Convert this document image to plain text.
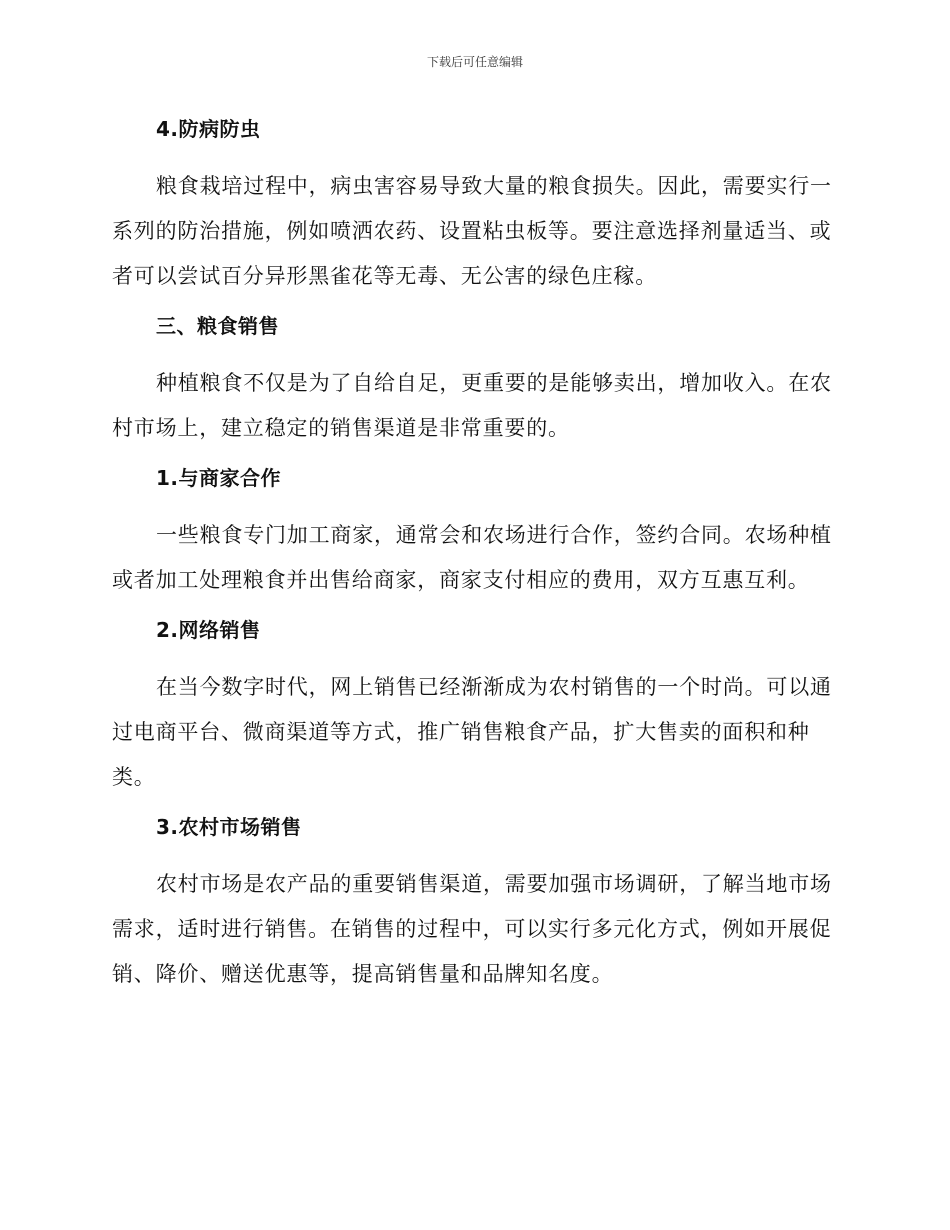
下载后可任意编辑
4.防病防虫

粮食栽培过程中，病虫害容易导致大量的粮食损失。因此，需要实行一系列的防治措施，例如喷洒农药、设置粘虫板等。要注意选择剂量适当、或者可以尝试百分异形黑雀花等无毒、无公害的绿色庄稼。

三、粮食销售

种植粮食不仅是为了自给自足，更重要的是能够卖出，增加收入。在农村市场上，建立稳定的销售渠道是非常重要的。

1.与商家合作

一些粮食专门加工商家，通常会和农场进行合作，签约合同。农场种植或者加工处理粮食并出售给商家，商家支付相应的费用，双方互惠互利。

2.网络销售

在当今数字时代，网上销售已经渐渐成为农村销售的一个时尚。可以通过电商平台、微商渠道等方式，推广销售粮食产品，扩大售卖的面积和种类。

3.农村市场销售

农村市场是农产品的重要销售渠道，需要加强市场调研，了解当地市场需求，适时进行销售。在销售的过程中，可以实行多元化方式，例如开展促销、降价、赠送优惠等，提高销售量和品牌知名度。
